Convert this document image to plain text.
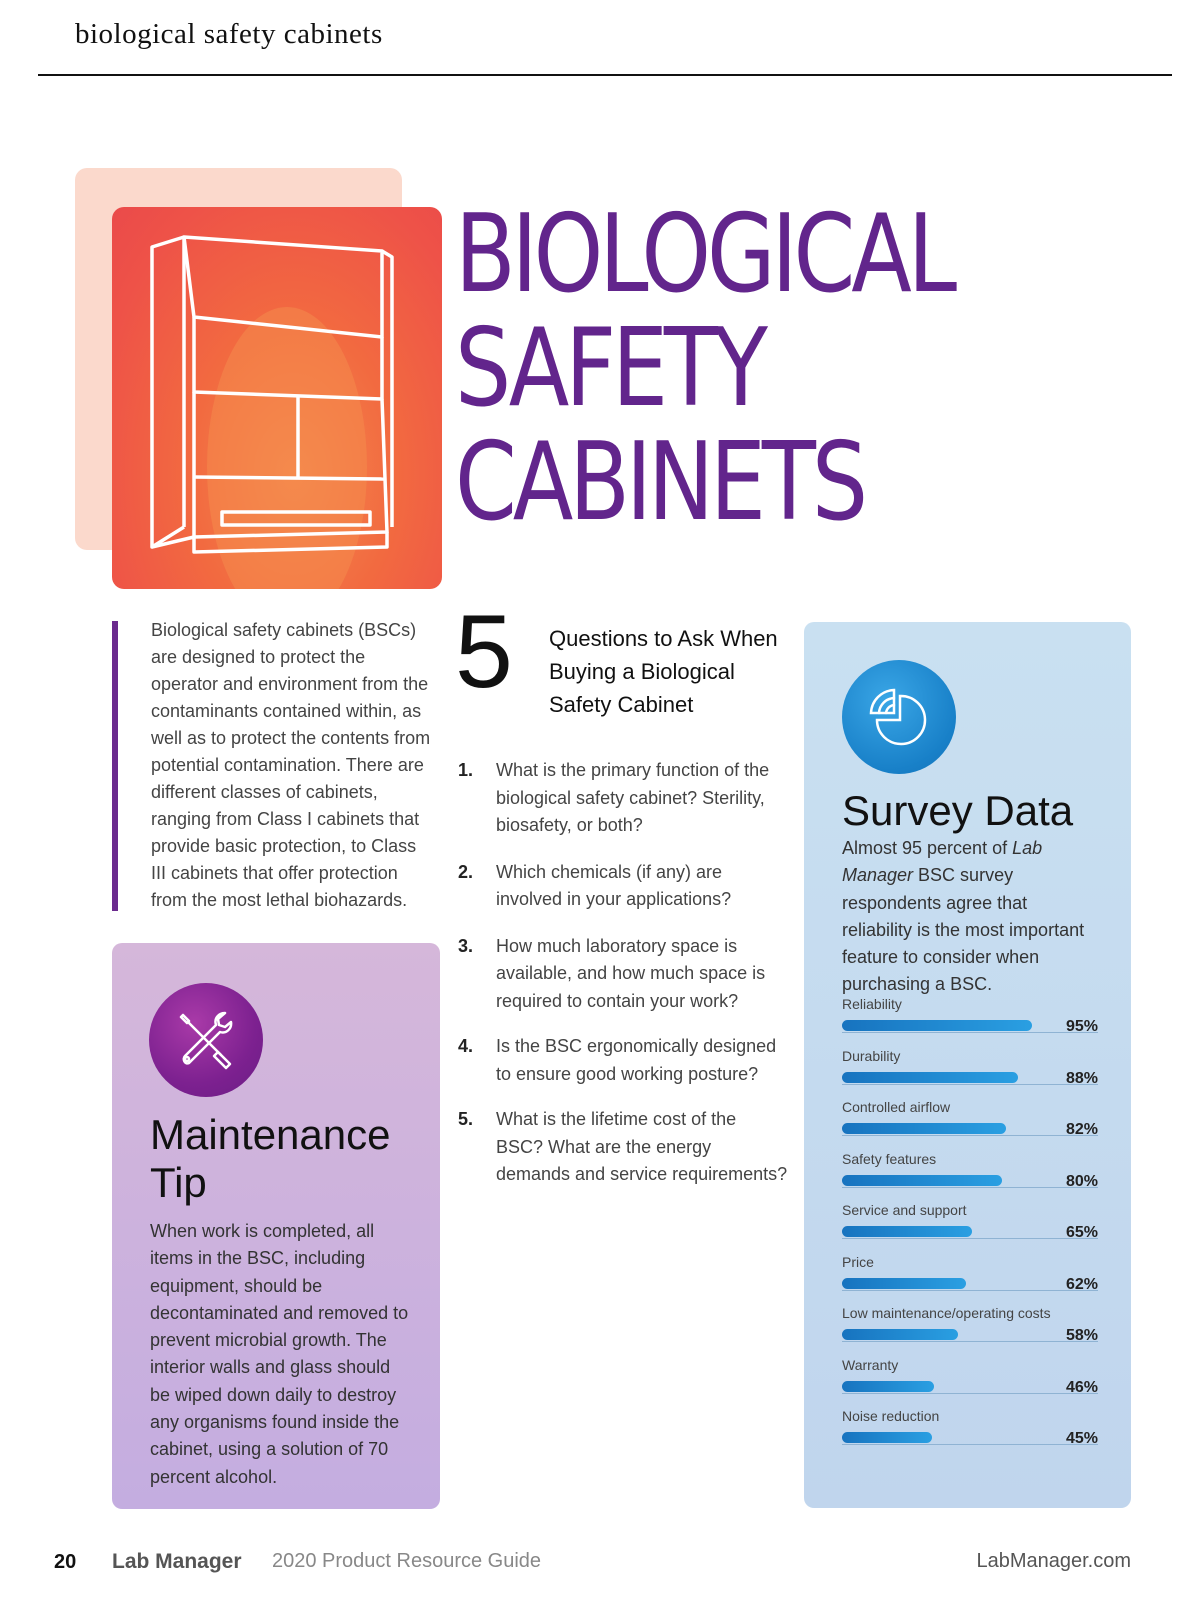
biological safety cabinets
BIOLOGICAL
SAFETY
CABINETS
Biological safety cabinets (BSCs) are designed to protect the operator and environment from the contaminants contained within, as well as to protect the contents from potential contamination. There are different classes of cabinets, ranging from Class I cabinets that provide basic protection, to Class III cabinets that offer protection from the most lethal biohazards.
Maintenance Tip
When work is completed, all items in the BSC, including equipment, should be decontaminated and removed to prevent microbial growth. The interior walls and glass should be wiped down daily to destroy any organisms found inside the cabinet, using a solution of 70 percent alcohol.
5 Questions to Ask When Buying a Biological Safety Cabinet
1. What is the primary function of the biological safety cabinet? Sterility, biosafety, or both?
2. Which chemicals (if any) are involved in your applications?
3. How much laboratory space is available, and how much space is required to contain your work?
4. Is the BSC ergonomically designed to ensure good working posture?
5. What is the lifetime cost of the BSC? What are the energy demands and service requirements?
Survey Data
Almost 95 percent of Lab Manager BSC survey respondents agree that reliability is the most important feature to consider when purchasing a BSC.
Reliability
95%
Durability
88%
Controlled airflow
82%
Safety features
80%
Service and support
65%
Price
62%
Low maintenance/operating costs
58%
Warranty
46%
Noise reduction
45%
20 Lab Manager 2020 Product Resource Guide	LabManager.com
